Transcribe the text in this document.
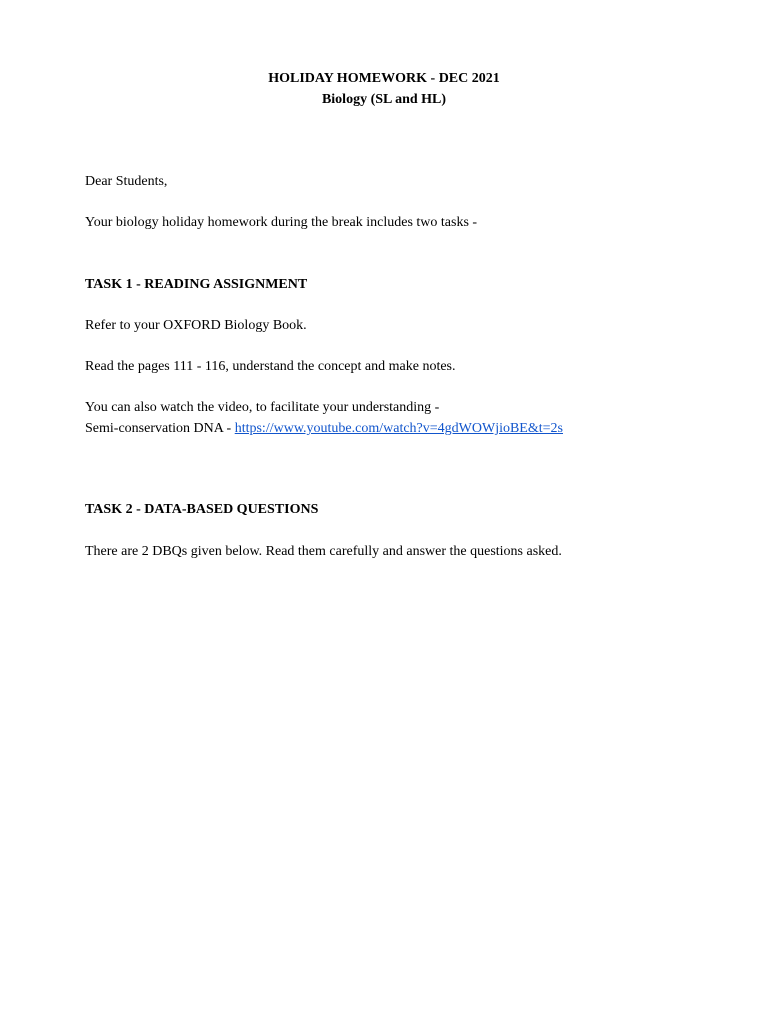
HOLIDAY HOMEWORK - DEC 2021
Biology (SL and HL)
Dear Students,
Your biology holiday homework during the break includes two tasks -
TASK 1 - READING ASSIGNMENT
Refer to your OXFORD Biology Book.
Read the pages 111 - 116, understand the concept and make notes.
You can also watch the video, to facilitate your understanding -
Semi-conservation DNA - https://www.youtube.com/watch?v=4gdWOWjioBE&t=2s
TASK 2 - DATA-BASED QUESTIONS
There are 2 DBQs given below. Read them carefully and answer the questions asked.
